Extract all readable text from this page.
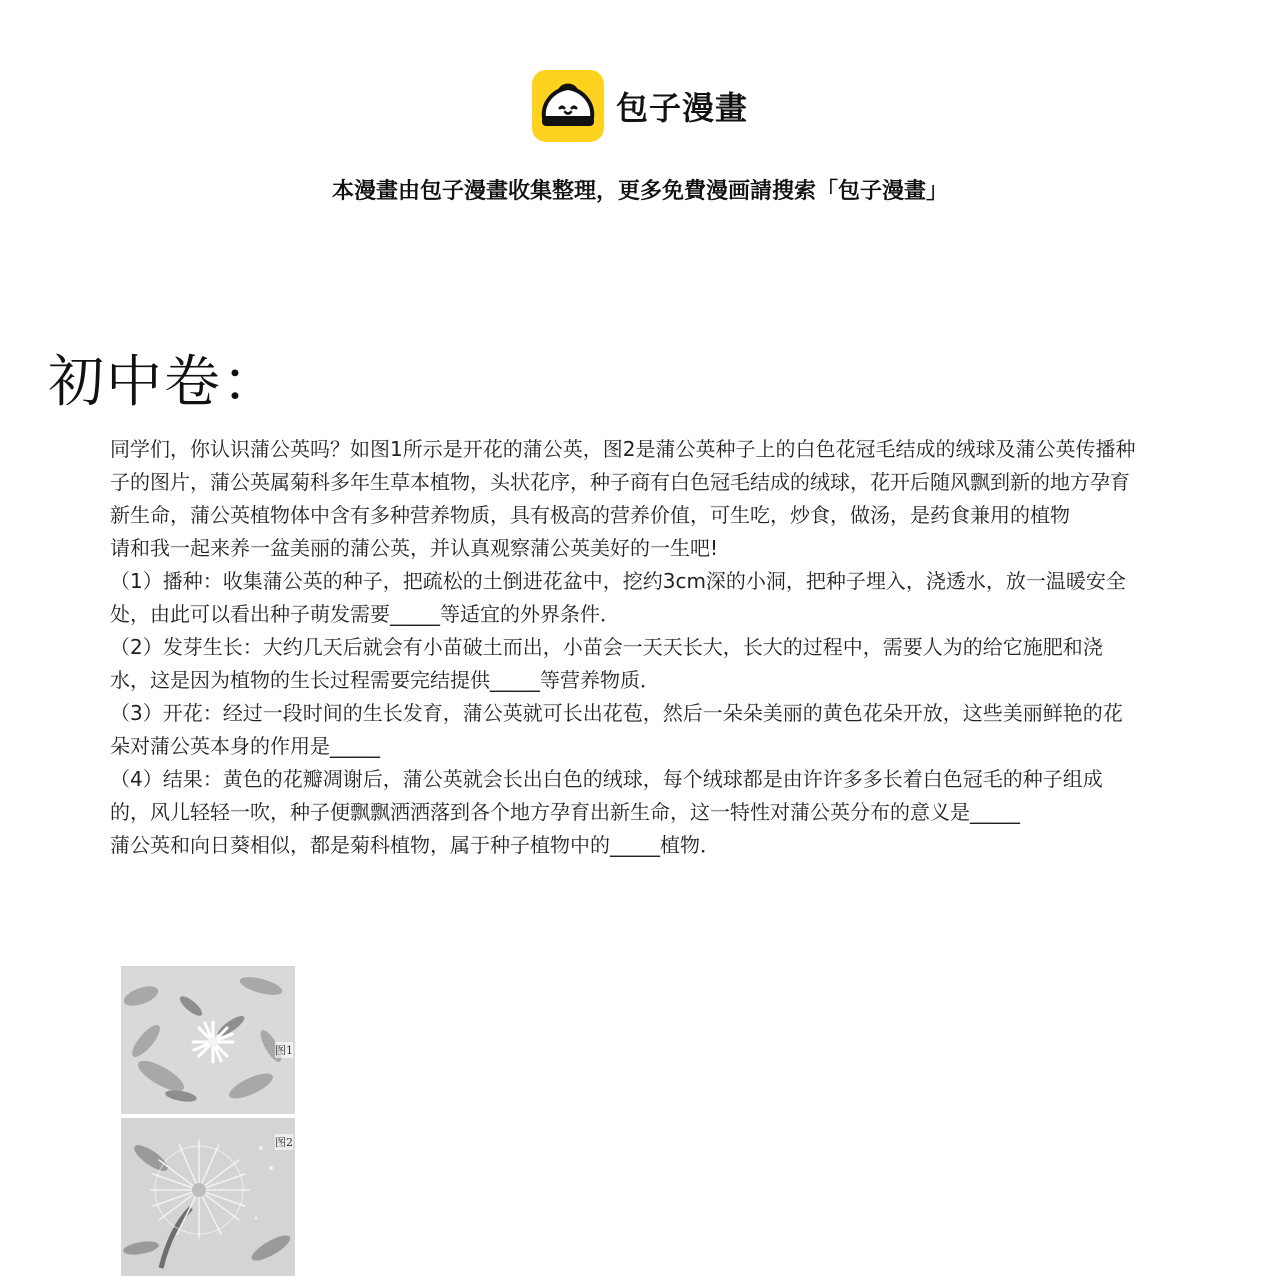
包子漫畫
本漫畫由包子漫畫收集整理，更多免費漫画請搜索「包子漫畫」
初中卷：

同学们，你认识蒲公英吗？如图1所示是开花的蒲公英，图2是蒲公英种子上的白色花冠毛结成的绒球及蒲公英传播种子的图片，蒲公英属菊科多年生草本植物，头状花序，种子商有白色冠毛结成的绒球，花开后随风飘到新的地方孕育新生命，蒲公英植物体中含有多种营养物质，具有极高的营养价值，可生吃，炒食，做汤，是药食兼用的植物

请和我一起来养一盆美丽的蒲公英，并认真观察蒲公英美好的一生吧!

（1）播种：收集蒲公英的种子，把疏松的土倒进花盆中，挖约3cm深的小洞，把种子埋入，浇透水，放一温暖安全处，由此可以看出种子萌发需要_____等适宜的外界条件．

（2）发芽生长：大约几天后就会有小苗破土而出，小苗会一天天长大，长大的过程中，需要人为的给它施肥和浇水，这是因为植物的生长过程需要完结提供_____等营养物质．

（3）开花：经过一段时间的生长发育，蒲公英就可长出花苞，然后一朵朵美丽的黄色花朵开放，这些美丽鲜艳的花朵对蒲公英本身的作用是_____

（4）结果：黄色的花瓣凋谢后，蒲公英就会长出白色的绒球，每个绒球都是由许许多多长着白色冠毛的种子组成的，风儿轻轻一吹，种子便飘飘洒洒落到各个地方孕育出新生命，这一特性对蒲公英分布的意义是_____

蒲公英和向日葵相似，都是菊科植物，属于种子植物中的_____植物．

图1
图2
